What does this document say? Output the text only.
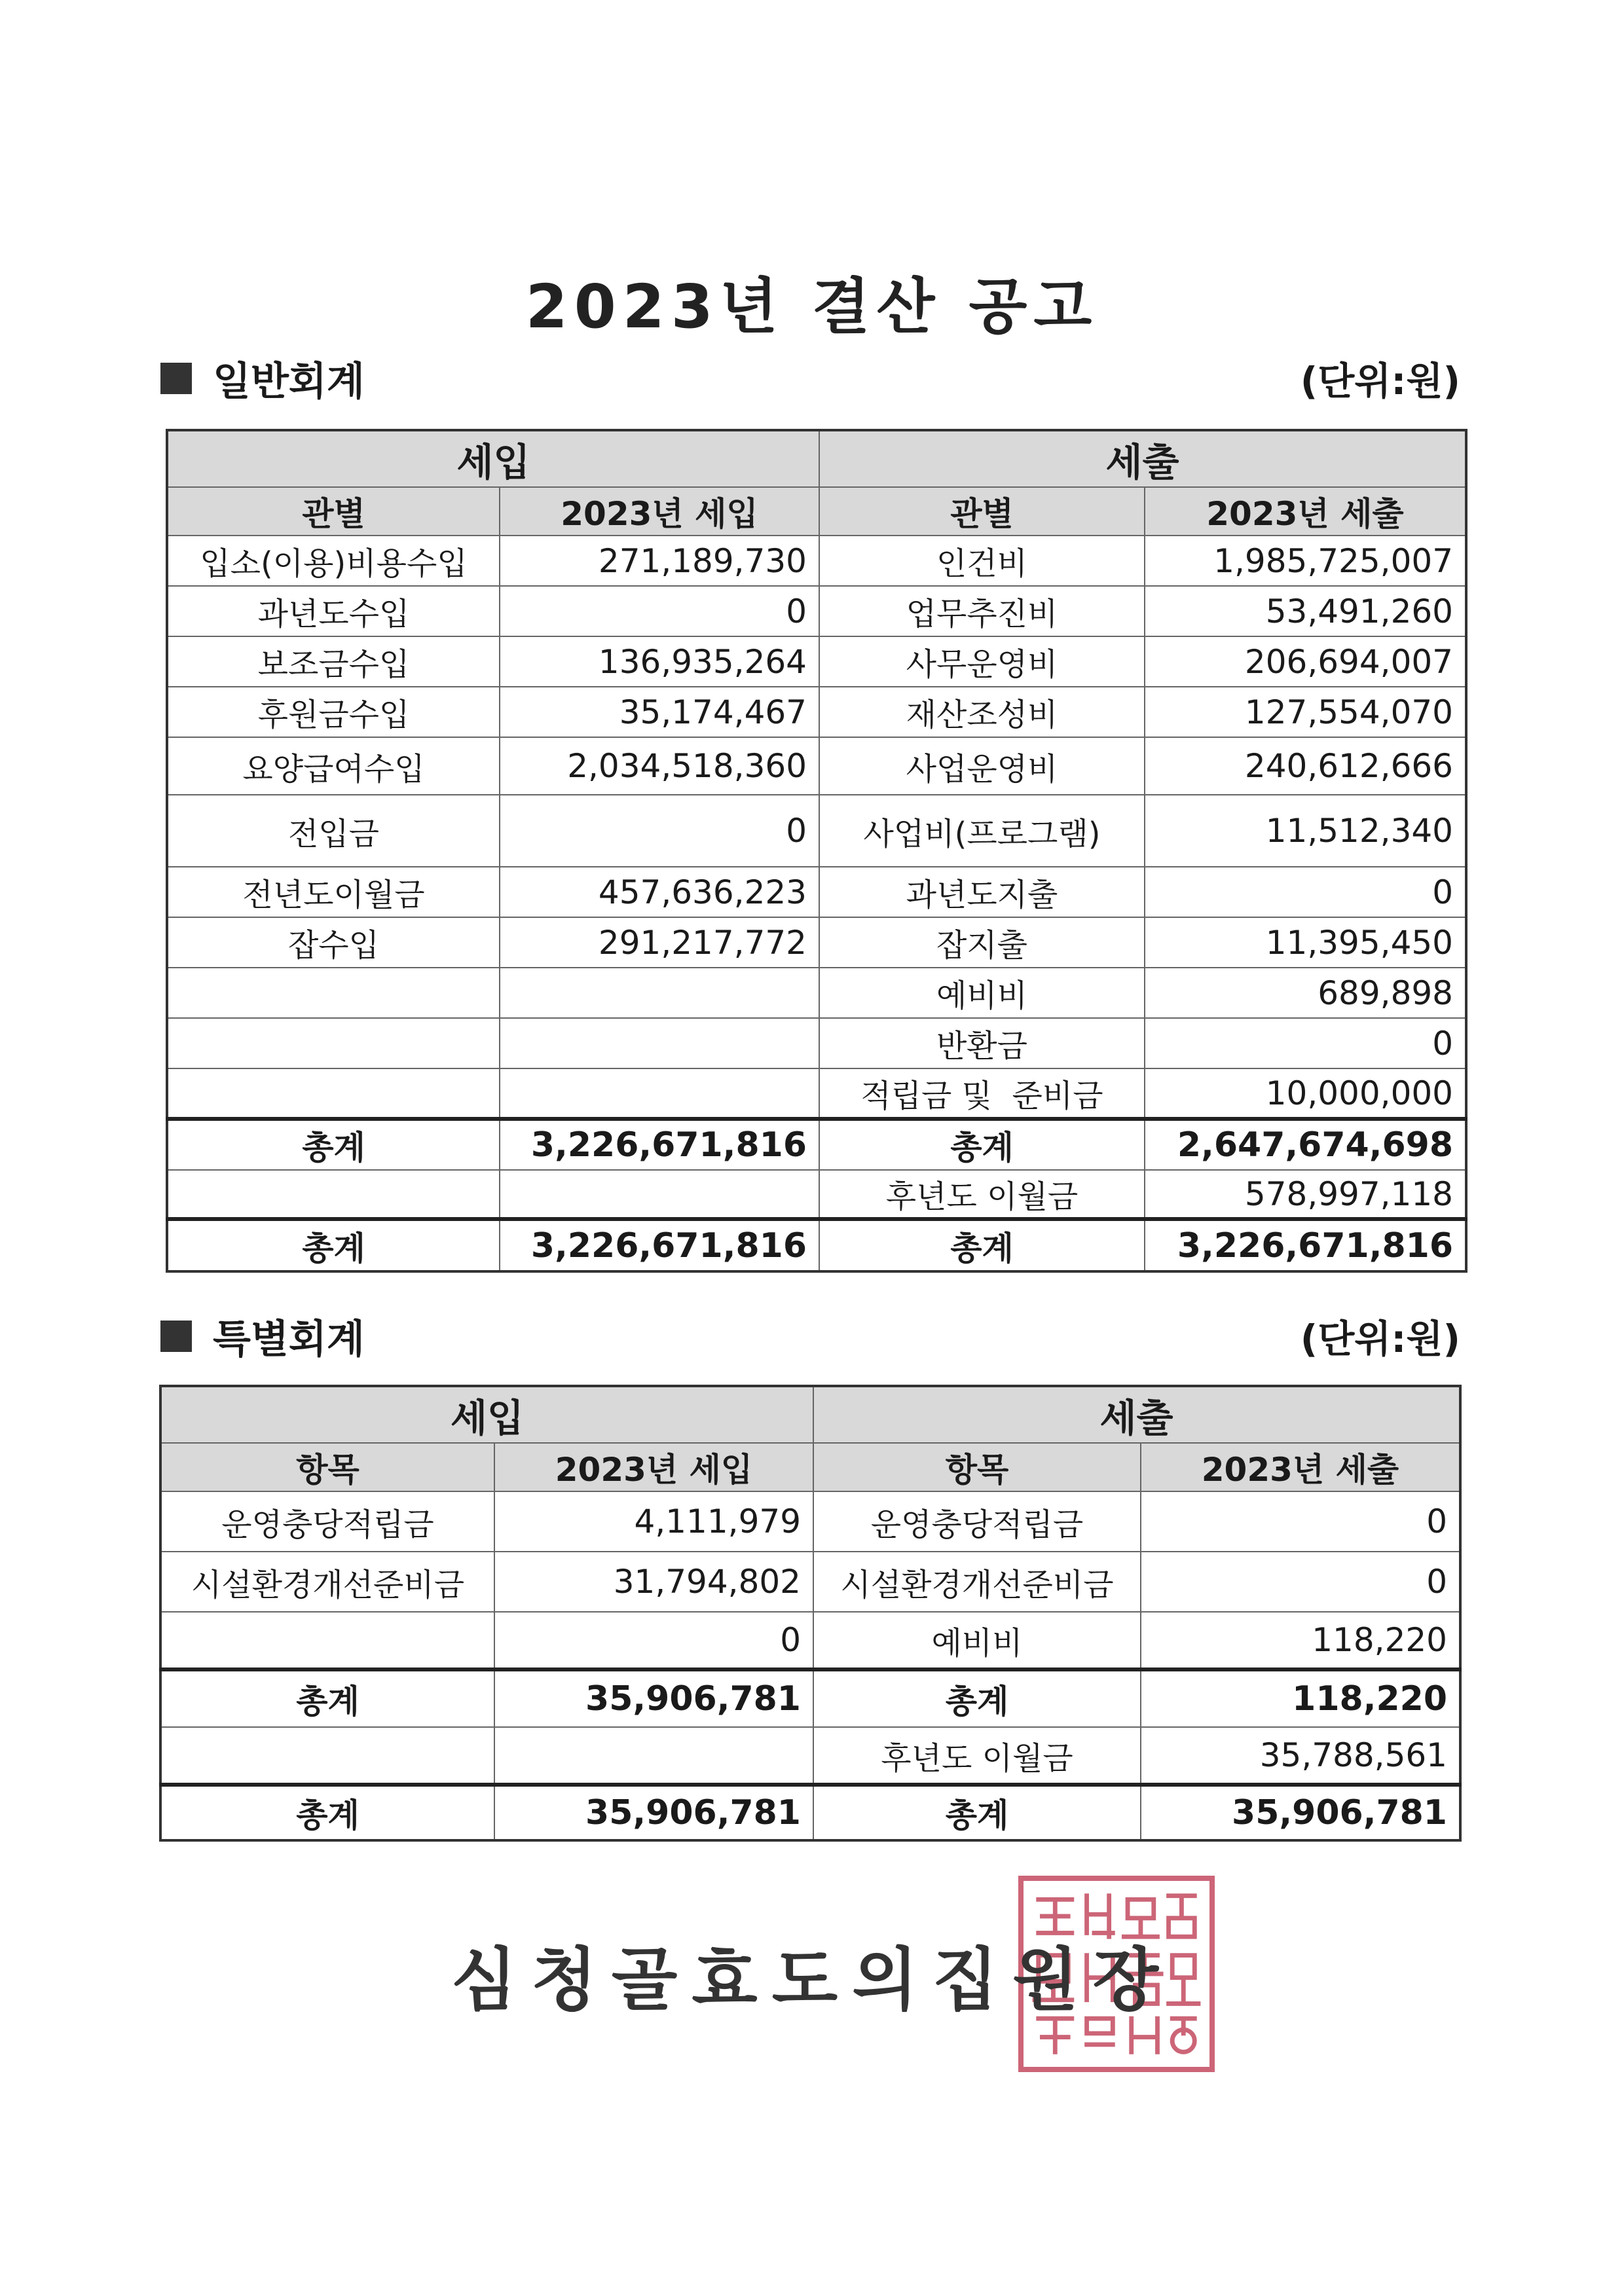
2023년 결산 공고
일반회계	(단위:원)
세입		세출	
관별	2023년 세입	관별	2023년 세출
입소(이용)비용수입	271,189,730	인건비	1,985,725,007
과년도수입	0	업무추진비	53,491,260
보조금수입	136,935,264	사무운영비	206,694,007
후원금수입	35,174,467	재산조성비	127,554,070
요양급여수입	2,034,518,360	사업운영비	240,612,666
전입금	0	사업비(프로그램)	11,512,340
전년도이월금	457,636,223	과년도지출	0
잡수입	291,217,772	잡지출	11,395,450
		예비비	689,898
		반환금	0
		적립금 및  준비금	10,000,000
총계	3,226,671,816	총계	2,647,674,698
		후년도 이월금	578,997,118
총계	3,226,671,816	총계	3,226,671,816
특별회계	(단위:원)
세입		세출	
항목	2023년 세입	항목	2023년 세출
운영충당적립금	4,111,979	운영충당적립금	0
시설환경개선준비금	31,794,802	시설환경개선준비금	0
	0	예비비	118,220
총계	35,906,781	총계	118,220
		후년도 이월금	35,788,561
총계	35,906,781	총계	35,906,781
심청골효도의집원장
